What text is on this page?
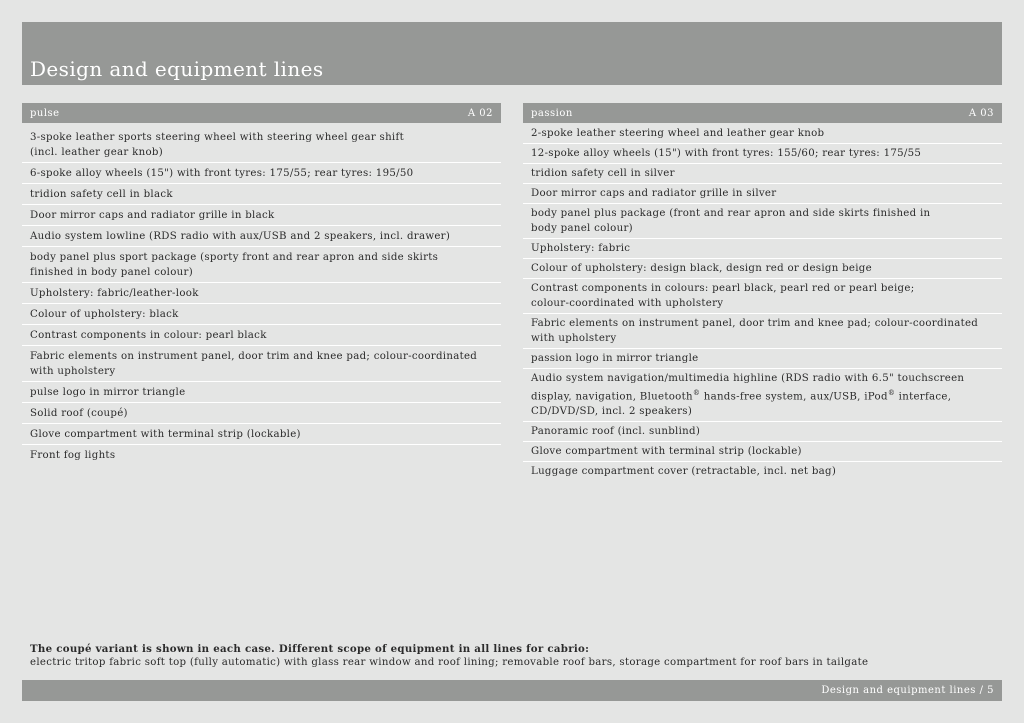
Design and equipment lines
pulse	A 02
3-spoke leather sports steering wheel with steering wheel gear shift
(incl. leather gear knob)
6-spoke alloy wheels (15") with front tyres: 175/55; rear tyres: 195/50
tridion safety cell in black
Door mirror caps and radiator grille in black
Audio system lowline (RDS radio with aux/USB and 2 speakers, incl. drawer)
body panel plus sport package (sporty front and rear apron and side skirts
finished in body panel colour)
Upholstery: fabric/leather-look
Colour of upholstery: black
Contrast components in colour: pearl black
Fabric elements on instrument panel, door trim and knee pad; colour-coordinated
with upholstery
pulse logo in mirror triangle
Solid roof (coupé)
Glove compartment with terminal strip (lockable)
Front fog lights
passion	A 03
2-spoke leather steering wheel and leather gear knob
12-spoke alloy wheels (15") with front tyres: 155/60; rear tyres: 175/55
tridion safety cell in silver
Door mirror caps and radiator grille in silver
body panel plus package (front and rear apron and side skirts finished in
body panel colour)
Upholstery: fabric
Colour of upholstery: design black, design red or design beige
Contrast components in colours: pearl black, pearl red or pearl beige;
colour-coordinated with upholstery
Fabric elements on instrument panel, door trim and knee pad; colour-coordinated
with upholstery
passion logo in mirror triangle
Audio system navigation/multimedia highline (RDS radio with 6.5" touchscreen
display, navigation, Bluetooth® hands-free system, aux/USB, iPod® interface,
CD/DVD/SD, incl. 2 speakers)
Panoramic roof (incl. sunblind)
Glove compartment with terminal strip (lockable)
Luggage compartment cover (retractable, incl. net bag)
The coupé variant is shown in each case. Different scope of equipment in all lines for cabrio:
electric tritop fabric soft top (fully automatic) with glass rear window and roof lining; removable roof bars, storage compartment for roof bars in tailgate
Design and equipment lines / 5
